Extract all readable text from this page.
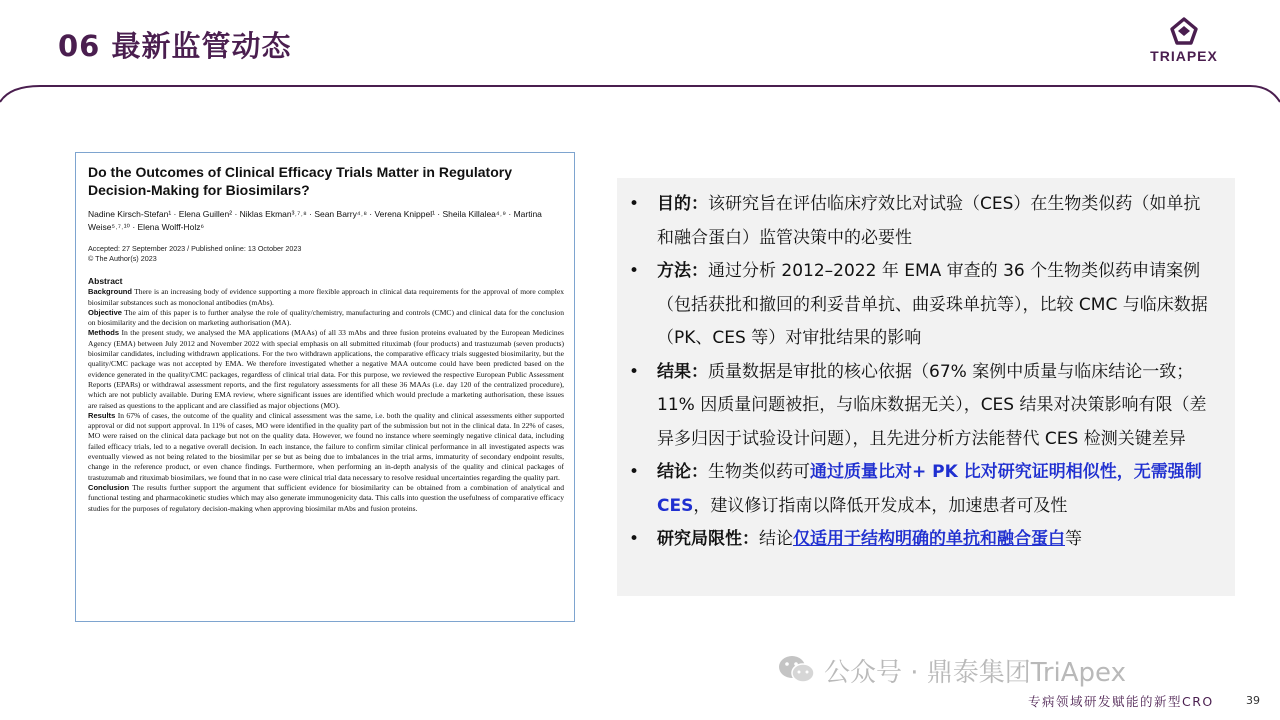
06 最新监管动态	TRIAPEX
Do the Outcomes of Clinical Efficacy Trials Matter in Regulatory Decision-Making for Biosimilars?
Nadine Kirsch-Stefan¹ · Elena Guillen² · Niklas Ekman³˒⁷˒⁸ · Sean Barry⁴˒⁸ · Verena Knippel¹ · Sheila Killalea⁴˒⁹ · Martina Weise⁵˒⁷˒¹⁰ · Elena Wolff-Holz⁶
Accepted: 27 September 2023 / Published online: 13 October 2023
© The Author(s) 2023
Abstract

Background There is an increasing body of evidence supporting a more flexible approach in clinical data requirements for the approval of more complex biosimilar substances such as monoclonal antibodies (mAbs).

Objective The aim of this paper is to further analyse the role of quality/chemistry, manufacturing and controls (CMC) and clinical data for the conclusion on biosimilarity and the decision on marketing authorisation (MA).

Methods In the present study, we analysed the MA applications (MAAs) of all 33 mAbs and three fusion proteins evaluated by the European Medicines Agency (EMA) between July 2012 and November 2022 with special emphasis on all submitted rituximab (four products) and trastuzumab (seven products) biosimilar candidates, including withdrawn applications. For the two withdrawn applications, the comparative efficacy trials suggested biosimilarity, but the quality/CMC package was not accepted by EMA. We therefore investigated whether a negative MAA outcome could have been predicted based on the evidence generated in the quality/CMC packages, regardless of clinical trial data. For this purpose, we reviewed the respective European Public Assessment Reports (EPARs) or withdrawal assessment reports, and the first regulatory assessments for all these 36 MAAs (i.e. day 120 of the centralized procedure), which are not publicly available. During EMA review, where significant issues are identified which would preclude a marketing authorisation, these issues are raised as questions to the applicant and are classified as major objections (MO).

Results In 67% of cases, the outcome of the quality and clinical assessment was the same, i.e. both the quality and clinical assessments either supported approval or did not support approval. In 11% of cases, MO were identified in the quality part of the submission but not in the clinical data. In 22% of cases, MO were raised on the clinical data package but not on the quality data. However, we found no instance where seemingly negative clinical data, including failed efficacy trials, led to a negative overall decision. In each instance, the failure to confirm similar clinical performance in all investigated aspects was eventually viewed as not being related to the biosimilar per se but as being due to imbalances in the trial arms, immaturity of secondary endpoint results, change in the reference product, or even chance findings. Furthermore, when performing an in-depth analysis of the quality and clinical packages of trastuzumab and rituximab biosimilars, we found that in no case were clinical trial data necessary to resolve residual uncertainties regarding the quality part.

Conclusion The results further support the argument that sufficient evidence for biosimilarity can be obtained from a combination of analytical and functional testing and pharmacokinetic studies which may also generate immunogenicity data. This calls into question the usefulness of comparative efficacy studies for the purposes of regulatory decision-making when approving biosimilar mAbs and fusion proteins.

•	目的：该研究旨在评估临床疗效比对试验（CES）在生物类似药（如单抗和融合蛋白）监管决策中的必要性
•	方法：通过分析 2012–2022 年 EMA 审查的 36 个生物类似药申请案例（包括获批和撤回的利妥昔单抗、曲妥珠单抗等），比较 CMC 与临床数据（PK、CES 等）对审批结果的影响
•	结果：质量数据是审批的核心依据（67% 案例中质量与临床结论一致；11% 因质量问题被拒，与临床数据无关），CES 结果对决策影响有限（差异多归因于试验设计问题），且先进分析方法能替代 CES 检测关键差异
•	结论：生物类似药可通过质量比对+ PK 比对研究证明相似性，无需强制 CES，建议修订指南以降低开发成本，加速患者可及性
•	研究局限性：结论仅适用于结构明确的单抗和融合蛋白等
公众号 · 鼎泰集团TriApex
专病领域研发赋能的新型CRO	39
